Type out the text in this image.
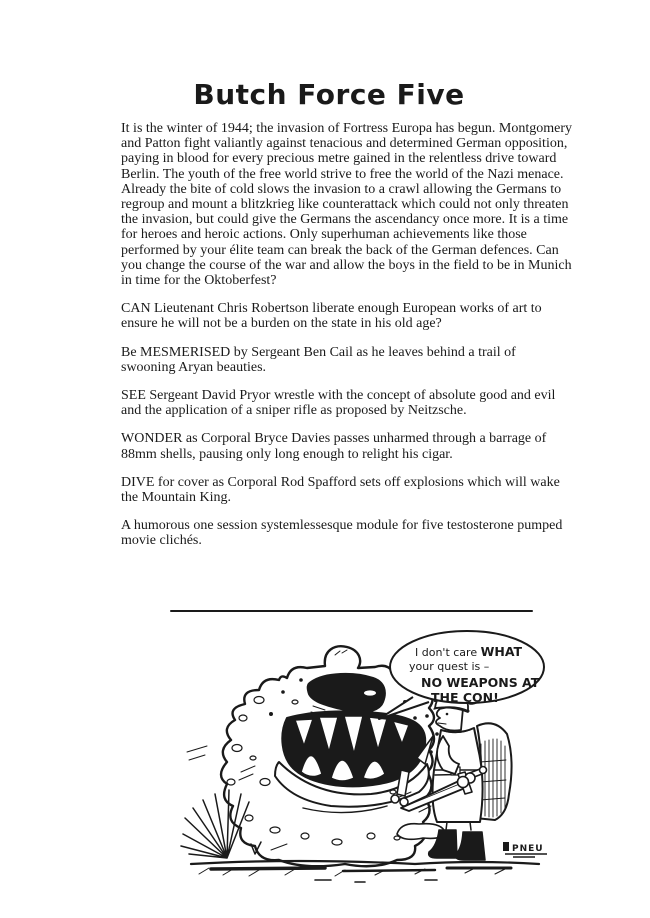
Butch Force Five

It is the winter of 1944; the invasion of Fortress Europa has begun. Montgomery and Patton fight valiantly against tenacious and determined German opposition, paying in blood for every precious metre gained in the relentless drive toward Berlin. The youth of the free world strive to free the world of the Nazi menace. Already the bite of cold slows the invasion to a crawl allowing the Germans to regroup and mount a blitzkrieg like counterattack which could not only threaten the invasion, but could give the Germans the ascendancy once more. It is a time for heroes and heroic actions. Only superhuman achievements like those performed by your élite team can break the back of the German defences. Can you change the course of the war and allow the boys in the field to be in Munich in time for the Oktoberfest?

CAN Lieutenant Chris Robertson liberate enough European works of art to ensure he will not be a burden on the state in his old age?

Be MESMERISED by Sergeant Ben Cail as he leaves behind a trail of swooning Aryan beauties.

SEE Sergeant David Pryor wrestle with the concept of absolute good and evil and the application of a sniper rifle as proposed by Neitzsche.

WONDER as Corporal Bryce Davies passes unharmed through a barrage of 88mm shells, pausing only long enough to relight his cigar.

DIVE for cover as Corporal Rod Spafford sets off explosions which will wake the Mountain King.

A humorous one session systemlessesque module for five testosterone pumped movie clichés.

I don't care WHAT
your quest is –
NO WEAPONS AT
THE CON!
PNEU
